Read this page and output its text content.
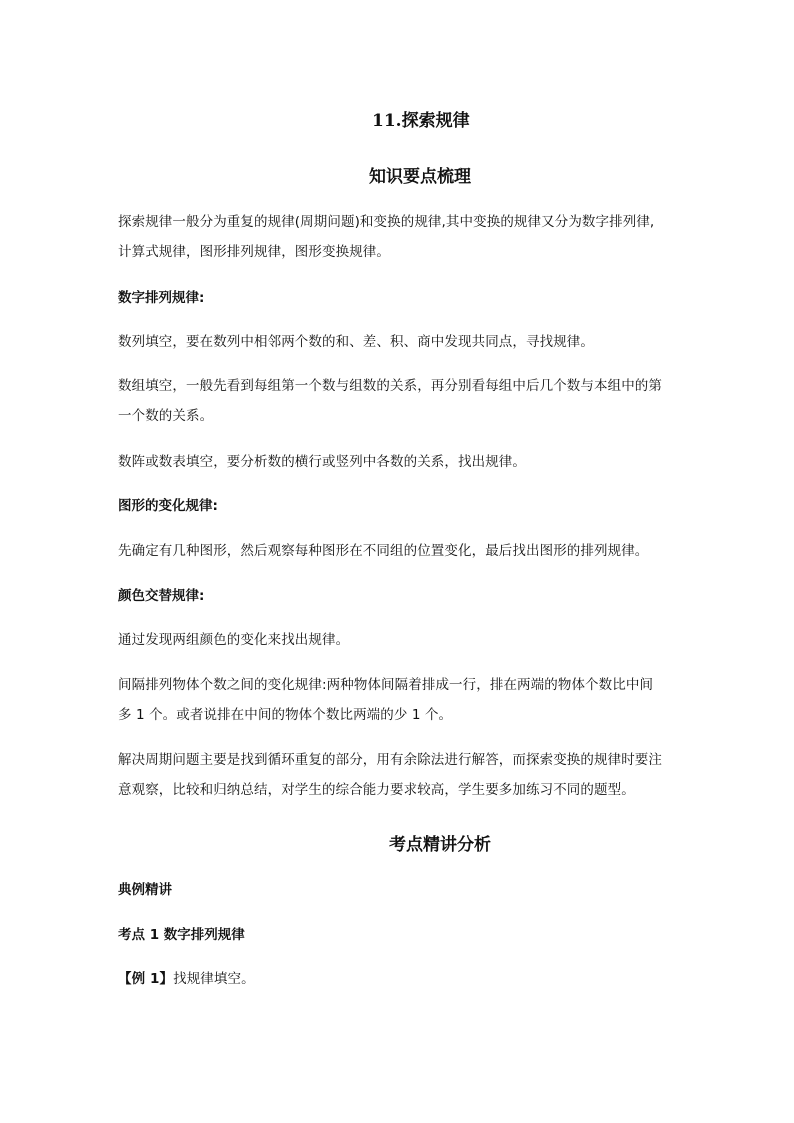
11.探索规律
知识要点梳理
探索规律一般分为重复的规律(周期问题)和变换的规律,其中变换的规律又分为数字排列律,
计算式规律，图形排列规律，图形变换规律。
数字排列规律:
数列填空，要在数列中相邻两个数的和、差、积、商中发现共同点，寻找规律。
数组填空，一般先看到每组第一个数与组数的关系，再分别看每组中后几个数与本组中的第
一个数的关系。
数阵或数表填空，要分析数的横行或竖列中各数的关系，找出规律。
图形的变化规律:
先确定有几种图形，然后观察每种图形在不同组的位置变化，最后找出图形的排列规律。
颜色交替规律:
通过发现两组颜色的变化来找出规律。
间隔排列物体个数之间的变化规律:两种物体间隔着排成一行，排在两端的物体个数比中间
多 1 个。或者说排在中间的物体个数比两端的少 1 个。
解决周期问题主要是找到循环重复的部分，用有余除法进行解答，而探索变换的规律时要注
意观察，比较和归纳总结，对学生的综合能力要求较高，学生要多加练习不同的题型。
考点精讲分析
典例精讲
考点 1 数字排列规律
【例 1】找规律填空。
